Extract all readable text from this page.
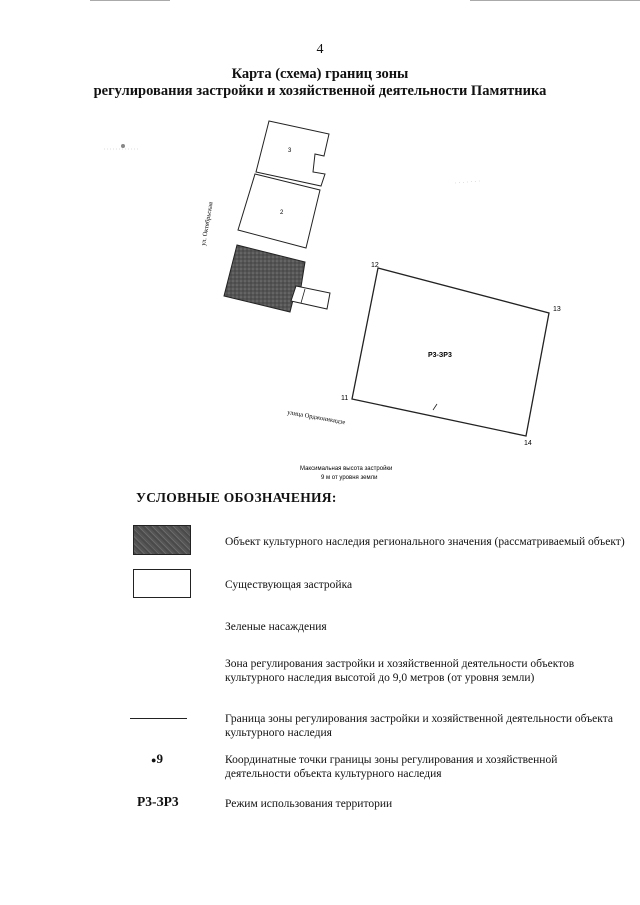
4
Карта (схема) границ зоны
регулирования застройки и хозяйственной деятельности Памятника
3
2
ул. Октябрьская
улица Орджоникидзе
Р3-ЗР3
12
13
11
14
Максимальная высота застройки
9 м от уровня земли
УСЛОВНЫЕ ОБОЗНАЧЕНИЯ:
Объект культурного наследия регионального значения (рассматриваемый объект)
Существующая застройка
Зеленые насаждения
Зона регулирования застройки и хозяйственной деятельности объектов культурного наследия высотой до 9,0 метров (от уровня земли)
Граница зоны регулирования застройки и хозяйственной деятельности объекта культурного наследия
●9	Координатные точки границы зоны регулирования и хозяйственной деятельности объекта культурного наследия
Р3-ЗР3	Режим использования территории
